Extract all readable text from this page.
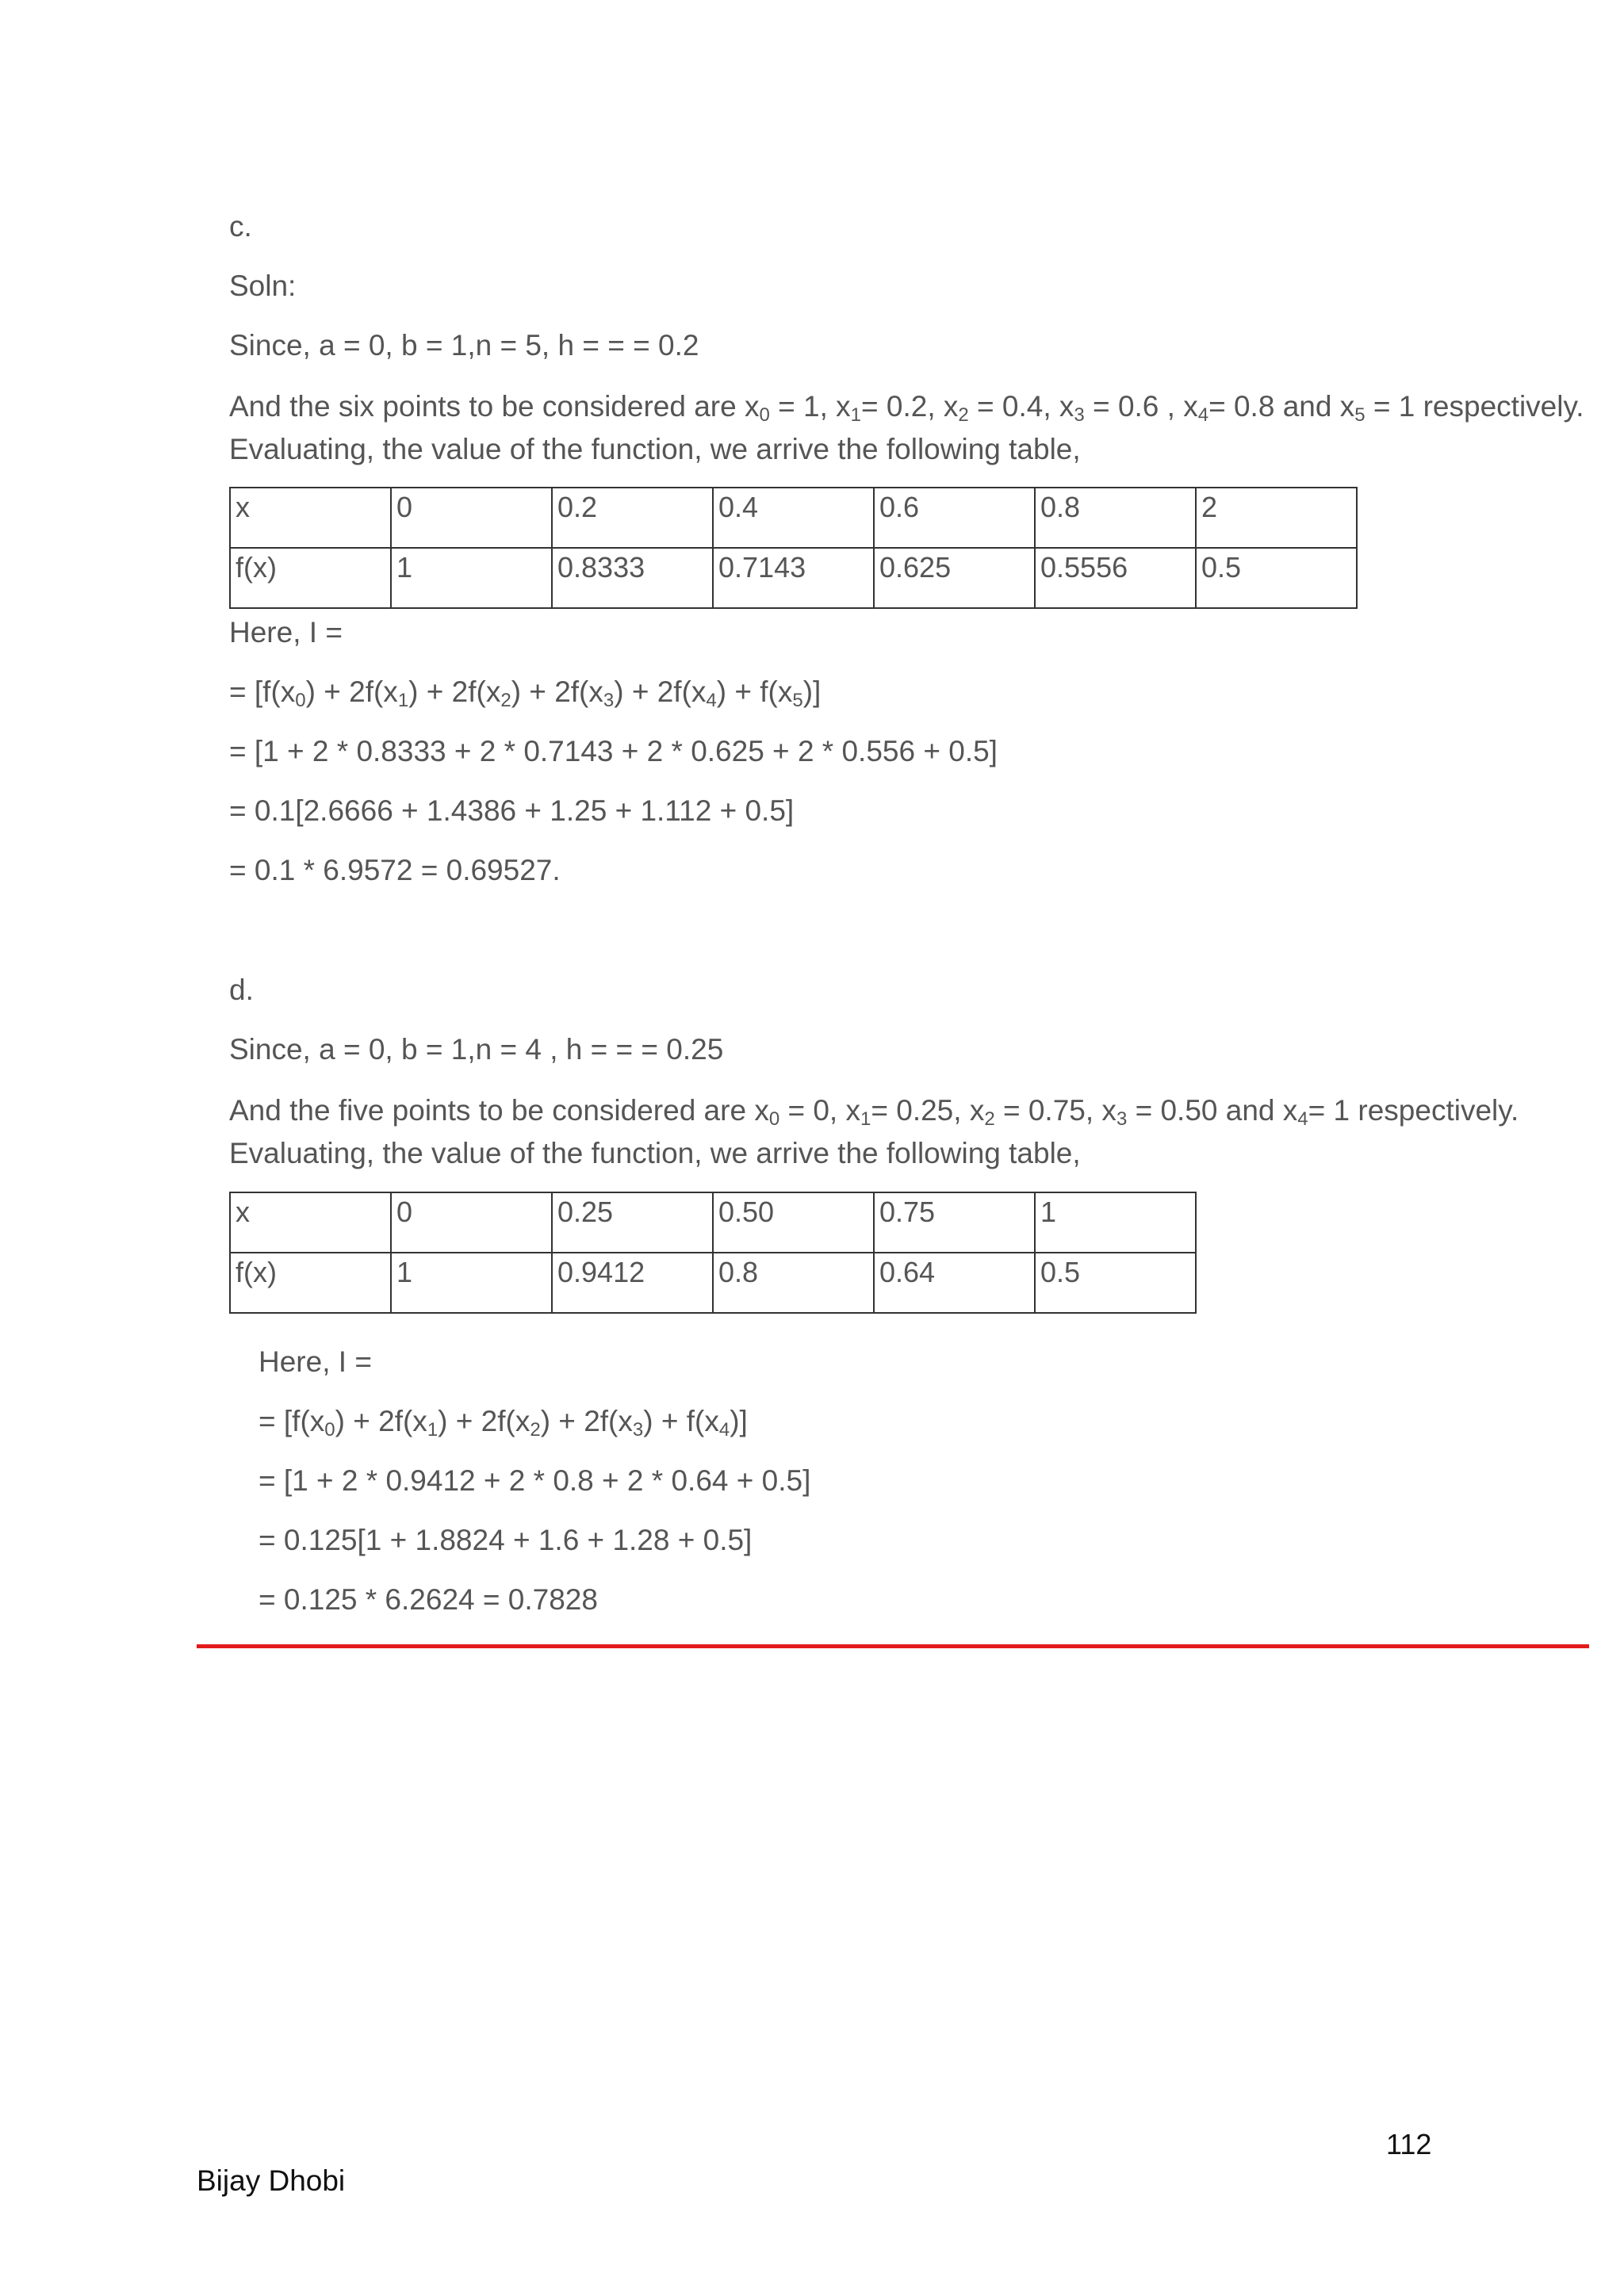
c.
Soln:
Since, a = 0, b = 1,n = 5, h = = = 0.2
And the six points to be considered are $x_0 = 1$, $x_1= 0.2$, $x_2 = 0.4$, $x_3 = 0.6$ , $x_4= 0.8$ and $x_5 = 1$ respectively. Evaluating, the value of the function, we arrive the following table,
x	0	0.2	0.4	0.6	0.8	2
f(x)	1	0.8333	0.7143	0.625	0.5556	0.5
Here, I =
= $[f(x_0) + 2f(x_1) + 2f(x_2) + 2f(x_3) + 2f(x_4) + f(x_5)]$
= [1 + 2 * 0.8333 + 2 * 0.7143 + 2 * 0.625 + 2 * 0.556 + 0.5]
= 0.1[2.6666 + 1.4386 + 1.25 + 1.112 + 0.5]
= 0.1 * 6.9572 = 0.69527.
d.
Since, a = 0, b = 1,n = 4 , h = = = 0.25
And the five points to be considered are $x_0 = 0$, $x_1= 0.25$, $x_2 = 0.75$, $x_3 = 0.50$ and $x_4= 1$ respectively. Evaluating, the value of the function, we arrive the following table,
x	0	0.25	0.50	0.75	1
f(x)	1	0.9412	0.8	0.64	0.5
Here, I =
= $[f(x_0) + 2f(x_1) + 2f(x_2) + 2f(x_3) + f(x_4)]$
= [1 + 2 * 0.9412 + 2 * 0.8 + 2 * 0.64 + 0.5]
= 0.125[1 + 1.8824 + 1.6 + 1.28 + 0.5]
= 0.125 * 6.2624 = 0.7828
112
Bijay Dhobi
